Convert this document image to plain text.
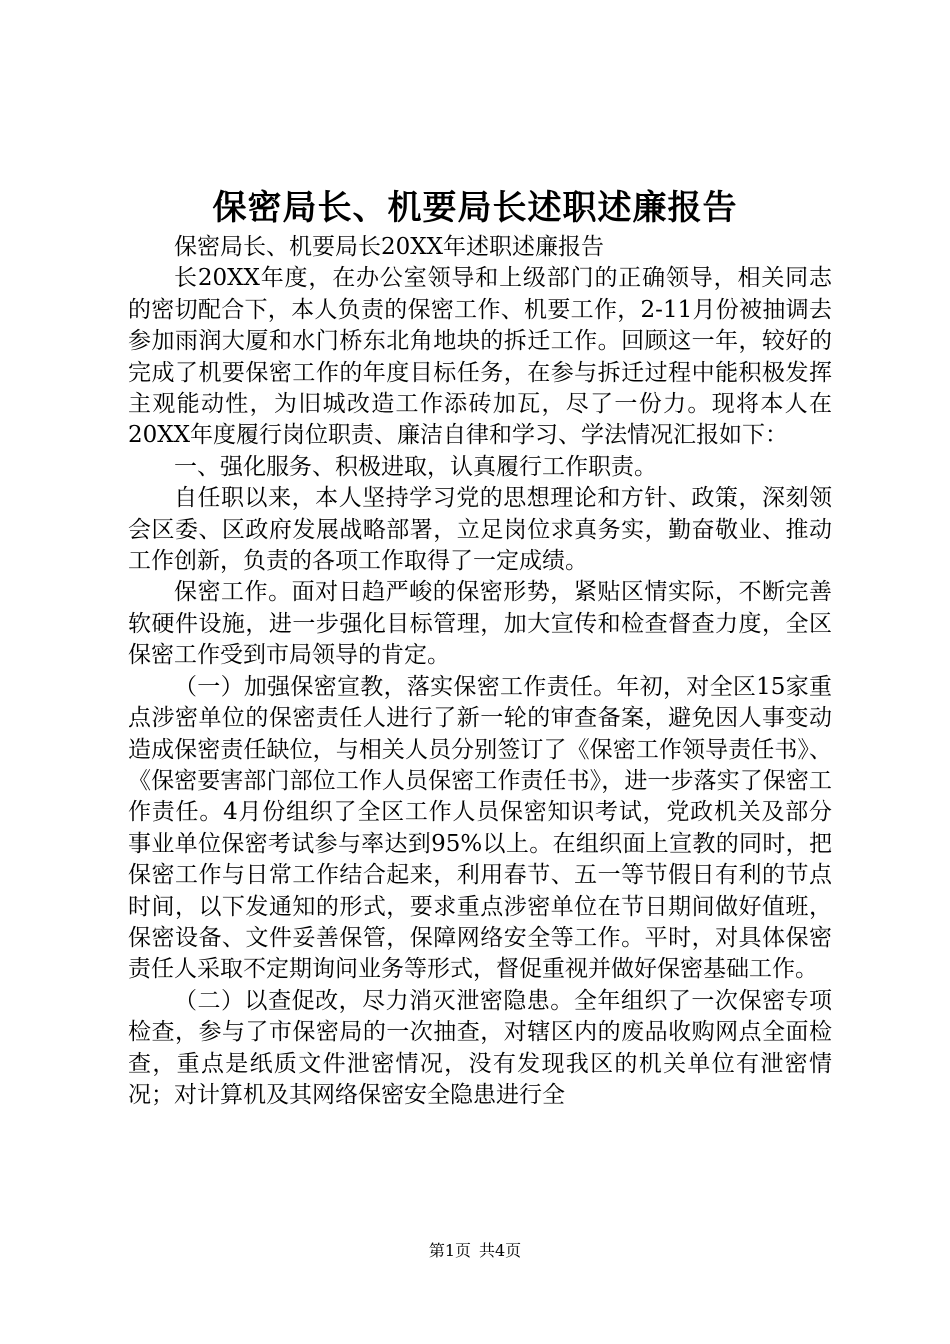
保密局长、机要局长述职述廉报告

保密局长、机要局长20XX年述职述廉报告

长20XX年度，在办公室领导和上级部门的正确领导，相关同志的密切配合下，本人负责的保密工作、机要工作，2-11月份被抽调去参加雨润大厦和水门桥东北角地块的拆迁工作。回顾这一年，较好的完成了机要保密工作的年度目标任务，在参与拆迁过程中能积极发挥主观能动性，为旧城改造工作添砖加瓦，尽了一份力。现将本人在20XX年度履行岗位职责、廉洁自律和学习、学法情况汇报如下：

一、强化服务、积极进取，认真履行工作职责。

自任职以来，本人坚持学习党的思想理论和方针、政策，深刻领会区委、区政府发展战略部署，立足岗位求真务实，勤奋敬业、推动工作创新，负责的各项工作取得了一定成绩。

保密工作。面对日趋严峻的保密形势，紧贴区情实际，不断完善软硬件设施，进一步强化目标管理，加大宣传和检查督查力度，全区保密工作受到市局领导的肯定。

（一）加强保密宣教，落实保密工作责任。年初，对全区15家重点涉密单位的保密责任人进行了新一轮的审查备案，避免因人事变动造成保密责任缺位，与相关人员分别签订了《保密工作领导责任书》、《保密要害部门部位工作人员保密工作责任书》，进一步落实了保密工作责任。4月份组织了全区工作人员保密知识考试，党政机关及部分事业单位保密考试参与率达到95%以上。在组织面上宣教的同时，把保密工作与日常工作结合起来，利用春节、五一等节假日有利的节点时间，以下发通知的形式，要求重点涉密单位在节日期间做好值班，保密设备、文件妥善保管，保障网络安全等工作。平时，对具体保密责任人采取不定期询问业务等形式，督促重视并做好保密基础工作。

（二）以查促改，尽力消灭泄密隐患。全年组织了一次保密专项检查，参与了市保密局的一次抽查，对辖区内的废品收购网点全面检查，重点是纸质文件泄密情况，没有发现我区的机关单位有泄密情况；对计算机及其网络保密安全隐患进行全

第1页 共4页
